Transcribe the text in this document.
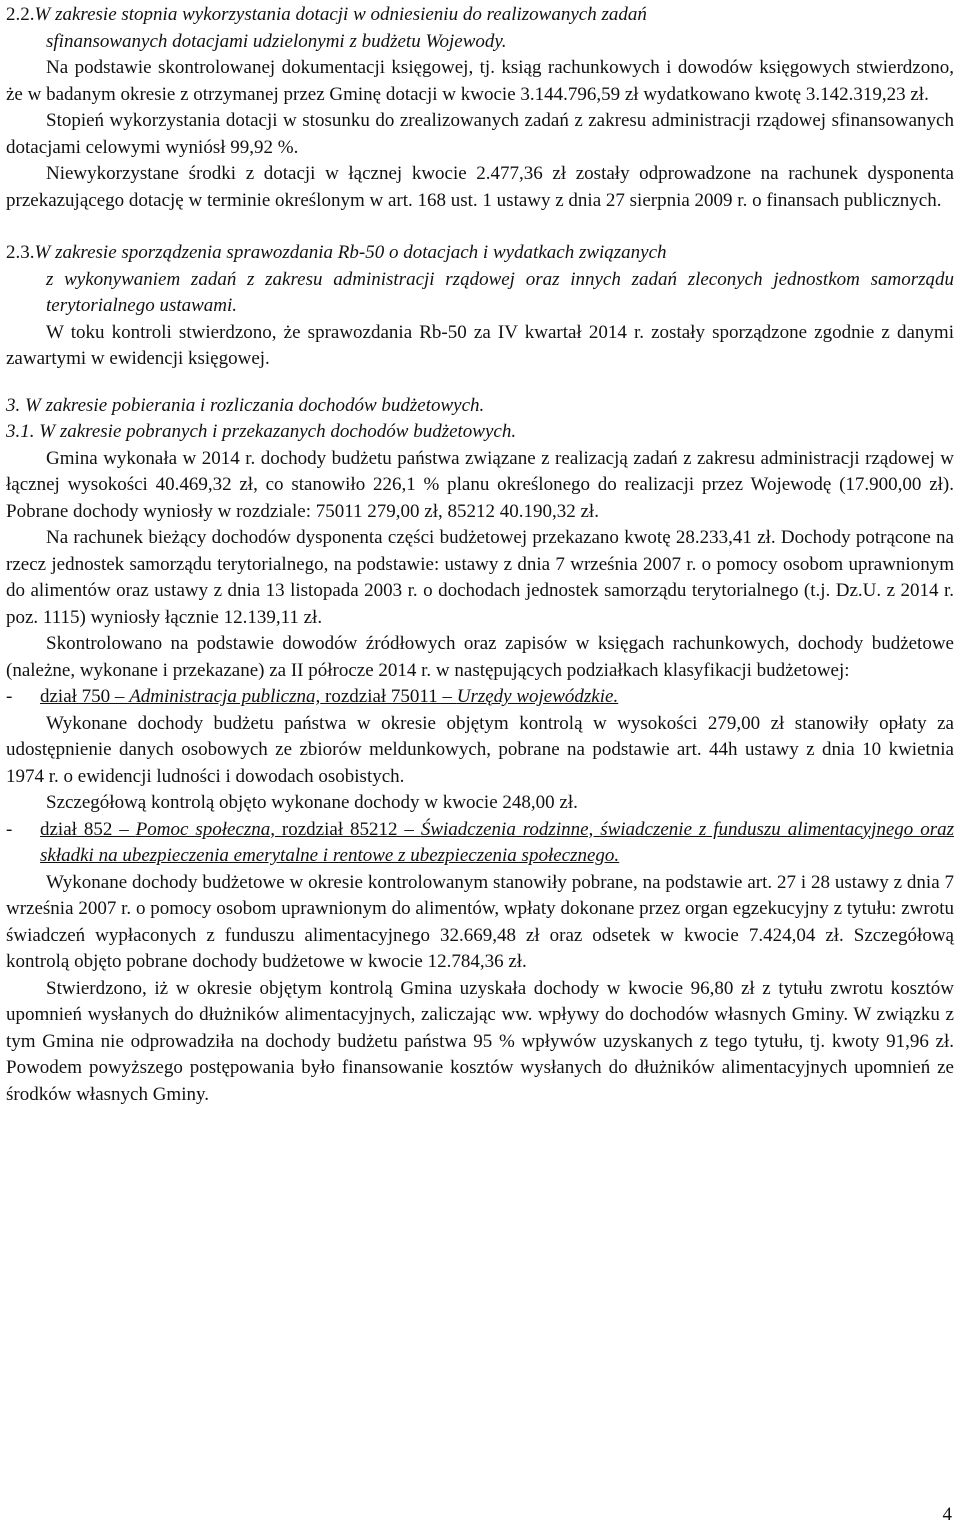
2.2.W zakresie stopnia wykorzystania dotacji w odniesieniu do realizowanych zadań

sfinansowanych dotacjami udzielonymi z budżetu Wojewody.

Na podstawie skontrolowanej dokumentacji księgowej, tj. ksiąg rachunkowych i dowodów księgowych stwierdzono, że w badanym okresie z otrzymanej przez Gminę dotacji w kwocie 3.144.796,59 zł wydatkowano kwotę 3.142.319,23 zł.

Stopień wykorzystania dotacji w stosunku do zrealizowanych zadań z zakresu administracji rządowej sfinansowanych dotacjami celowymi wyniósł 99,92 %.

Niewykorzystane środki z dotacji w łącznej kwocie 2.477,36 zł zostały odprowadzone na rachunek dysponenta przekazującego dotację w terminie określonym w art. 168 ust. 1 ustawy z dnia 27 sierpnia 2009 r. o finansach publicznych.

2.3.W zakresie sporządzenia sprawozdania Rb-50 o dotacjach i wydatkach związanych

z wykonywaniem zadań z zakresu administracji rządowej oraz innych zadań zleconych jednostkom samorządu terytorialnego ustawami.

W toku kontroli stwierdzono, że sprawozdania Rb-50 za IV kwartał 2014 r. zostały sporządzone zgodnie z danymi zawartymi w ewidencji księgowej.

3. W zakresie pobierania i rozliczania dochodów budżetowych.

3.1. W zakresie pobranych i przekazanych dochodów budżetowych.

Gmina wykonała w 2014 r. dochody budżetu państwa związane z realizacją zadań z zakresu administracji rządowej w łącznej wysokości 40.469,32 zł, co stanowiło 226,1 % planu określonego do realizacji przez Wojewodę (17.900,00 zł). Pobrane dochody wyniosły w rozdziale: 75011 279,00 zł, 85212 40.190,32 zł.

Na rachunek bieżący dochodów dysponenta części budżetowej przekazano kwotę 28.233,41 zł. Dochody potrącone na rzecz jednostek samorządu terytorialnego, na podstawie: ustawy z dnia 7 września 2007 r. o pomocy osobom uprawnionym do alimentów oraz ustawy z dnia 13 listopada 2003 r. o dochodach jednostek samorządu terytorialnego (t.j. Dz.U. z 2014 r. poz. 1115) wyniosły łącznie 12.139,11 zł.

Skontrolowano na podstawie dowodów źródłowych oraz zapisów w księgach rachunkowych, dochody budżetowe (należne, wykonane i przekazane) za II półrocze 2014 r. w następujących podziałkach klasyfikacji budżetowej:

-	dział 750 – Administracja publiczna, rozdział 75011 – Urzędy wojewódzkie.

Wykonane dochody budżetu państwa w okresie objętym kontrolą w wysokości 279,00 zł stanowiły opłaty za udostępnienie danych osobowych ze zbiorów meldunkowych, pobrane na podstawie art. 44h ustawy z dnia 10 kwietnia 1974 r. o ewidencji ludności i dowodach osobistych.

Szczegółową kontrolą objęto wykonane dochody w kwocie 248,00 zł.

-	dział 852 – Pomoc społeczna, rozdział 85212 – Świadczenia rodzinne, świadczenie z funduszu alimentacyjnego oraz składki na ubezpieczenia emerytalne i rentowe z ubezpieczenia społecznego.

Wykonane dochody budżetowe w okresie kontrolowanym stanowiły pobrane, na podstawie art. 27 i 28 ustawy z dnia 7 września 2007 r. o pomocy osobom uprawnionym do alimentów, wpłaty dokonane przez organ egzekucyjny z tytułu: zwrotu świadczeń wypłaconych z funduszu alimentacyjnego 32.669,48 zł oraz odsetek w kwocie 7.424,04 zł. Szczegółową kontrolą objęto pobrane dochody budżetowe w kwocie 12.784,36 zł.

Stwierdzono, iż w okresie objętym kontrolą Gmina uzyskała dochody w kwocie 96,80 zł z tytułu zwrotu kosztów upomnień wysłanych do dłużników alimentacyjnych, zaliczając ww. wpływy do dochodów własnych Gminy. W związku z tym Gmina nie odprowadziła na dochody budżetu państwa 95 % wpływów uzyskanych z tego tytułu, tj. kwoty 91,96 zł. Powodem powyższego postępowania było finansowanie kosztów wysłanych do dłużników alimentacyjnych upomnień ze środków własnych Gminy.

4
